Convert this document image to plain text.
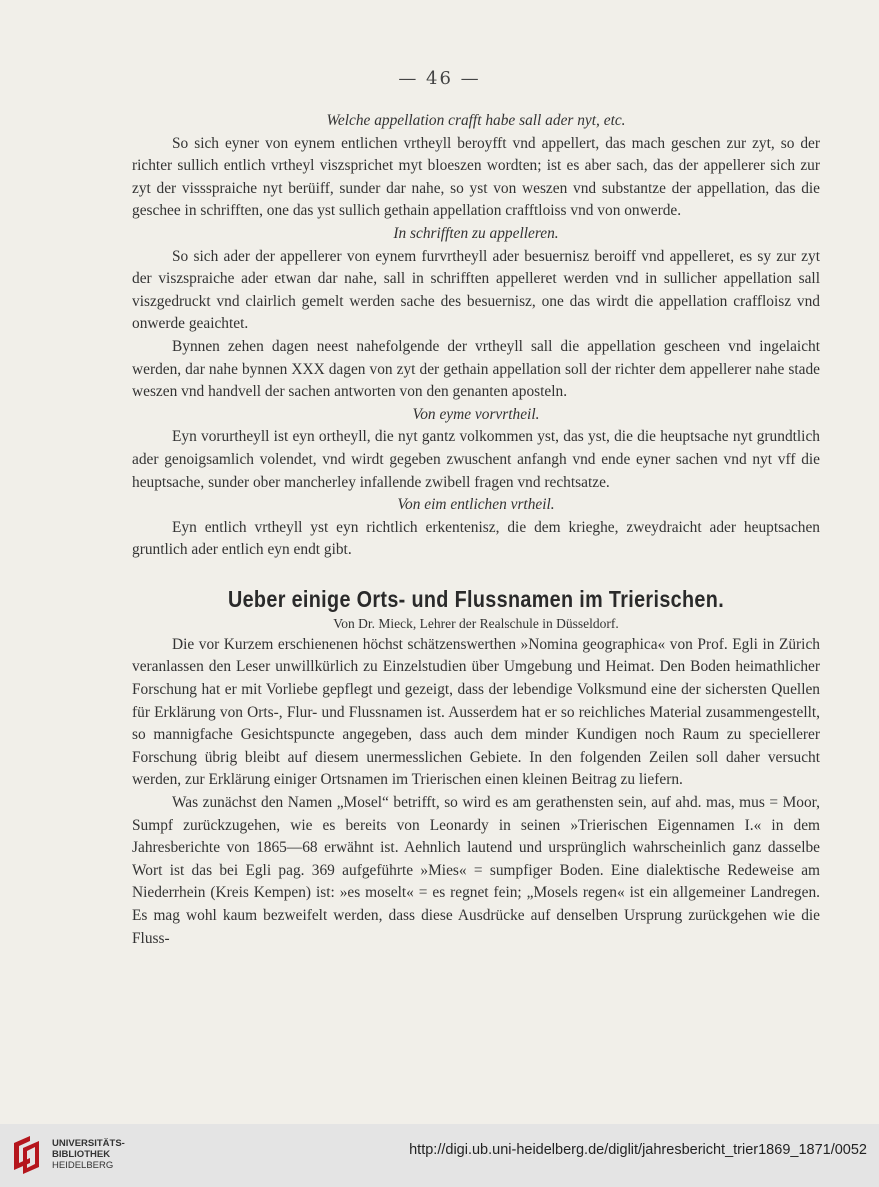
— 46 —

Welche appellation crafft habe sall ader nyt, etc.

So sich eyner von eynem entlichen vrtheyll beroyfft vnd appellert, das mach geschen zur zyt, so der richter sullich entlich vrtheyl viszsprichet myt bloeszen wordten; ist es aber sach, das der appellerer sich zur zyt der vissspraiche nyt berüiff, sunder dar nahe, so yst von weszen vnd substantze der appellation, das die geschee in schrifften, one das yst sullich gethain appellation crafftloiss vnd von onwerde.

In schrifften zu appelleren.

So sich ader der appellerer von eynem furvrtheyll ader besuernisz beroiff vnd appelleret, es sy zur zyt der viszspraiche ader etwan dar nahe, sall in schrifften appelleret werden vnd in sullicher appellation sall viszgedruckt vnd clairlich gemelt werden sache des besuernisz, one das wirdt die appellation craffloisz vnd onwerde geaichtet.

Bynnen zehen dagen neest nahefolgende der vrtheyll sall die appellation gescheen vnd ingelaicht werden, dar nahe bynnen XXX dagen von zyt der gethain appellation soll der richter dem appellerer nahe stade weszen vnd handvell der sachen antworten von den genanten aposteln.

Von eyme vorvrtheil.

Eyn vorurtheyll ist eyn ortheyll, die nyt gantz volkommen yst, das yst, die die heuptsache nyt grundtlich ader genoigsamlich volendet, vnd wirdt gegeben zwuschent anfangh vnd ende eyner sachen vnd nyt vff die heuptsache, sunder ober mancherley infallende zwibell fragen vnd rechtsatze.

Von eim entlichen vrtheil.

Eyn entlich vrtheyll yst eyn richtlich erkentenisz, die dem krieghe, zweydraicht ader heuptsachen gruntlich ader entlich eyn endt gibt.

Ueber einige Orts- und Flussnamen im Trierischen.

Von Dr. Mieck, Lehrer der Realschule in Düsseldorf.

Die vor Kurzem erschienenen höchst schätzenswerthen »Nomina geographica« von Prof. Egli in Zürich veranlassen den Leser unwillkürlich zu Einzelstudien über Umgebung und Heimat. Den Boden heimathlicher Forschung hat er mit Vorliebe gepflegt und gezeigt, dass der lebendige Volksmund eine der sichersten Quellen für Erklärung von Orts-, Flur- und Flussnamen ist. Ausserdem hat er so reichliches Material zusammengestellt, so mannigfache Gesichtspuncte angegeben, dass auch dem minder Kundigen noch Raum zu speciellerer Forschung übrig bleibt auf diesem unermesslichen Gebiete. In den folgenden Zeilen soll daher versucht werden, zur Erklärung einiger Ortsnamen im Trierischen einen kleinen Beitrag zu liefern.

Was zunächst den Namen „Mosel“ betrifft, so wird es am gerathensten sein, auf ahd. mas, mus = Moor, Sumpf zurückzugehen, wie es bereits von Leonardy in seinen »Trierischen Eigennamen I.« in dem Jahresberichte von 1865—68 erwähnt ist. Aehnlich lautend und ursprünglich wahrscheinlich ganz dasselbe Wort ist das bei Egli pag. 369 aufgeführte »Mies« = sumpfiger Boden. Eine dialektische Redeweise am Niederrhein (Kreis Kempen) ist: »es moselt« = es regnet fein; „Mosels regen« ist ein allgemeiner Landregen. Es mag wohl kaum bezweifelt werden, dass diese Ausdrücke auf denselben Ursprung zurückgehen wie die Fluss-

UNIVERSITÄTS-
BIBLIOTHEK
HEIDELBERG
http://digi.ub.uni-heidelberg.de/diglit/jahresbericht_trier1869_1871/0052
